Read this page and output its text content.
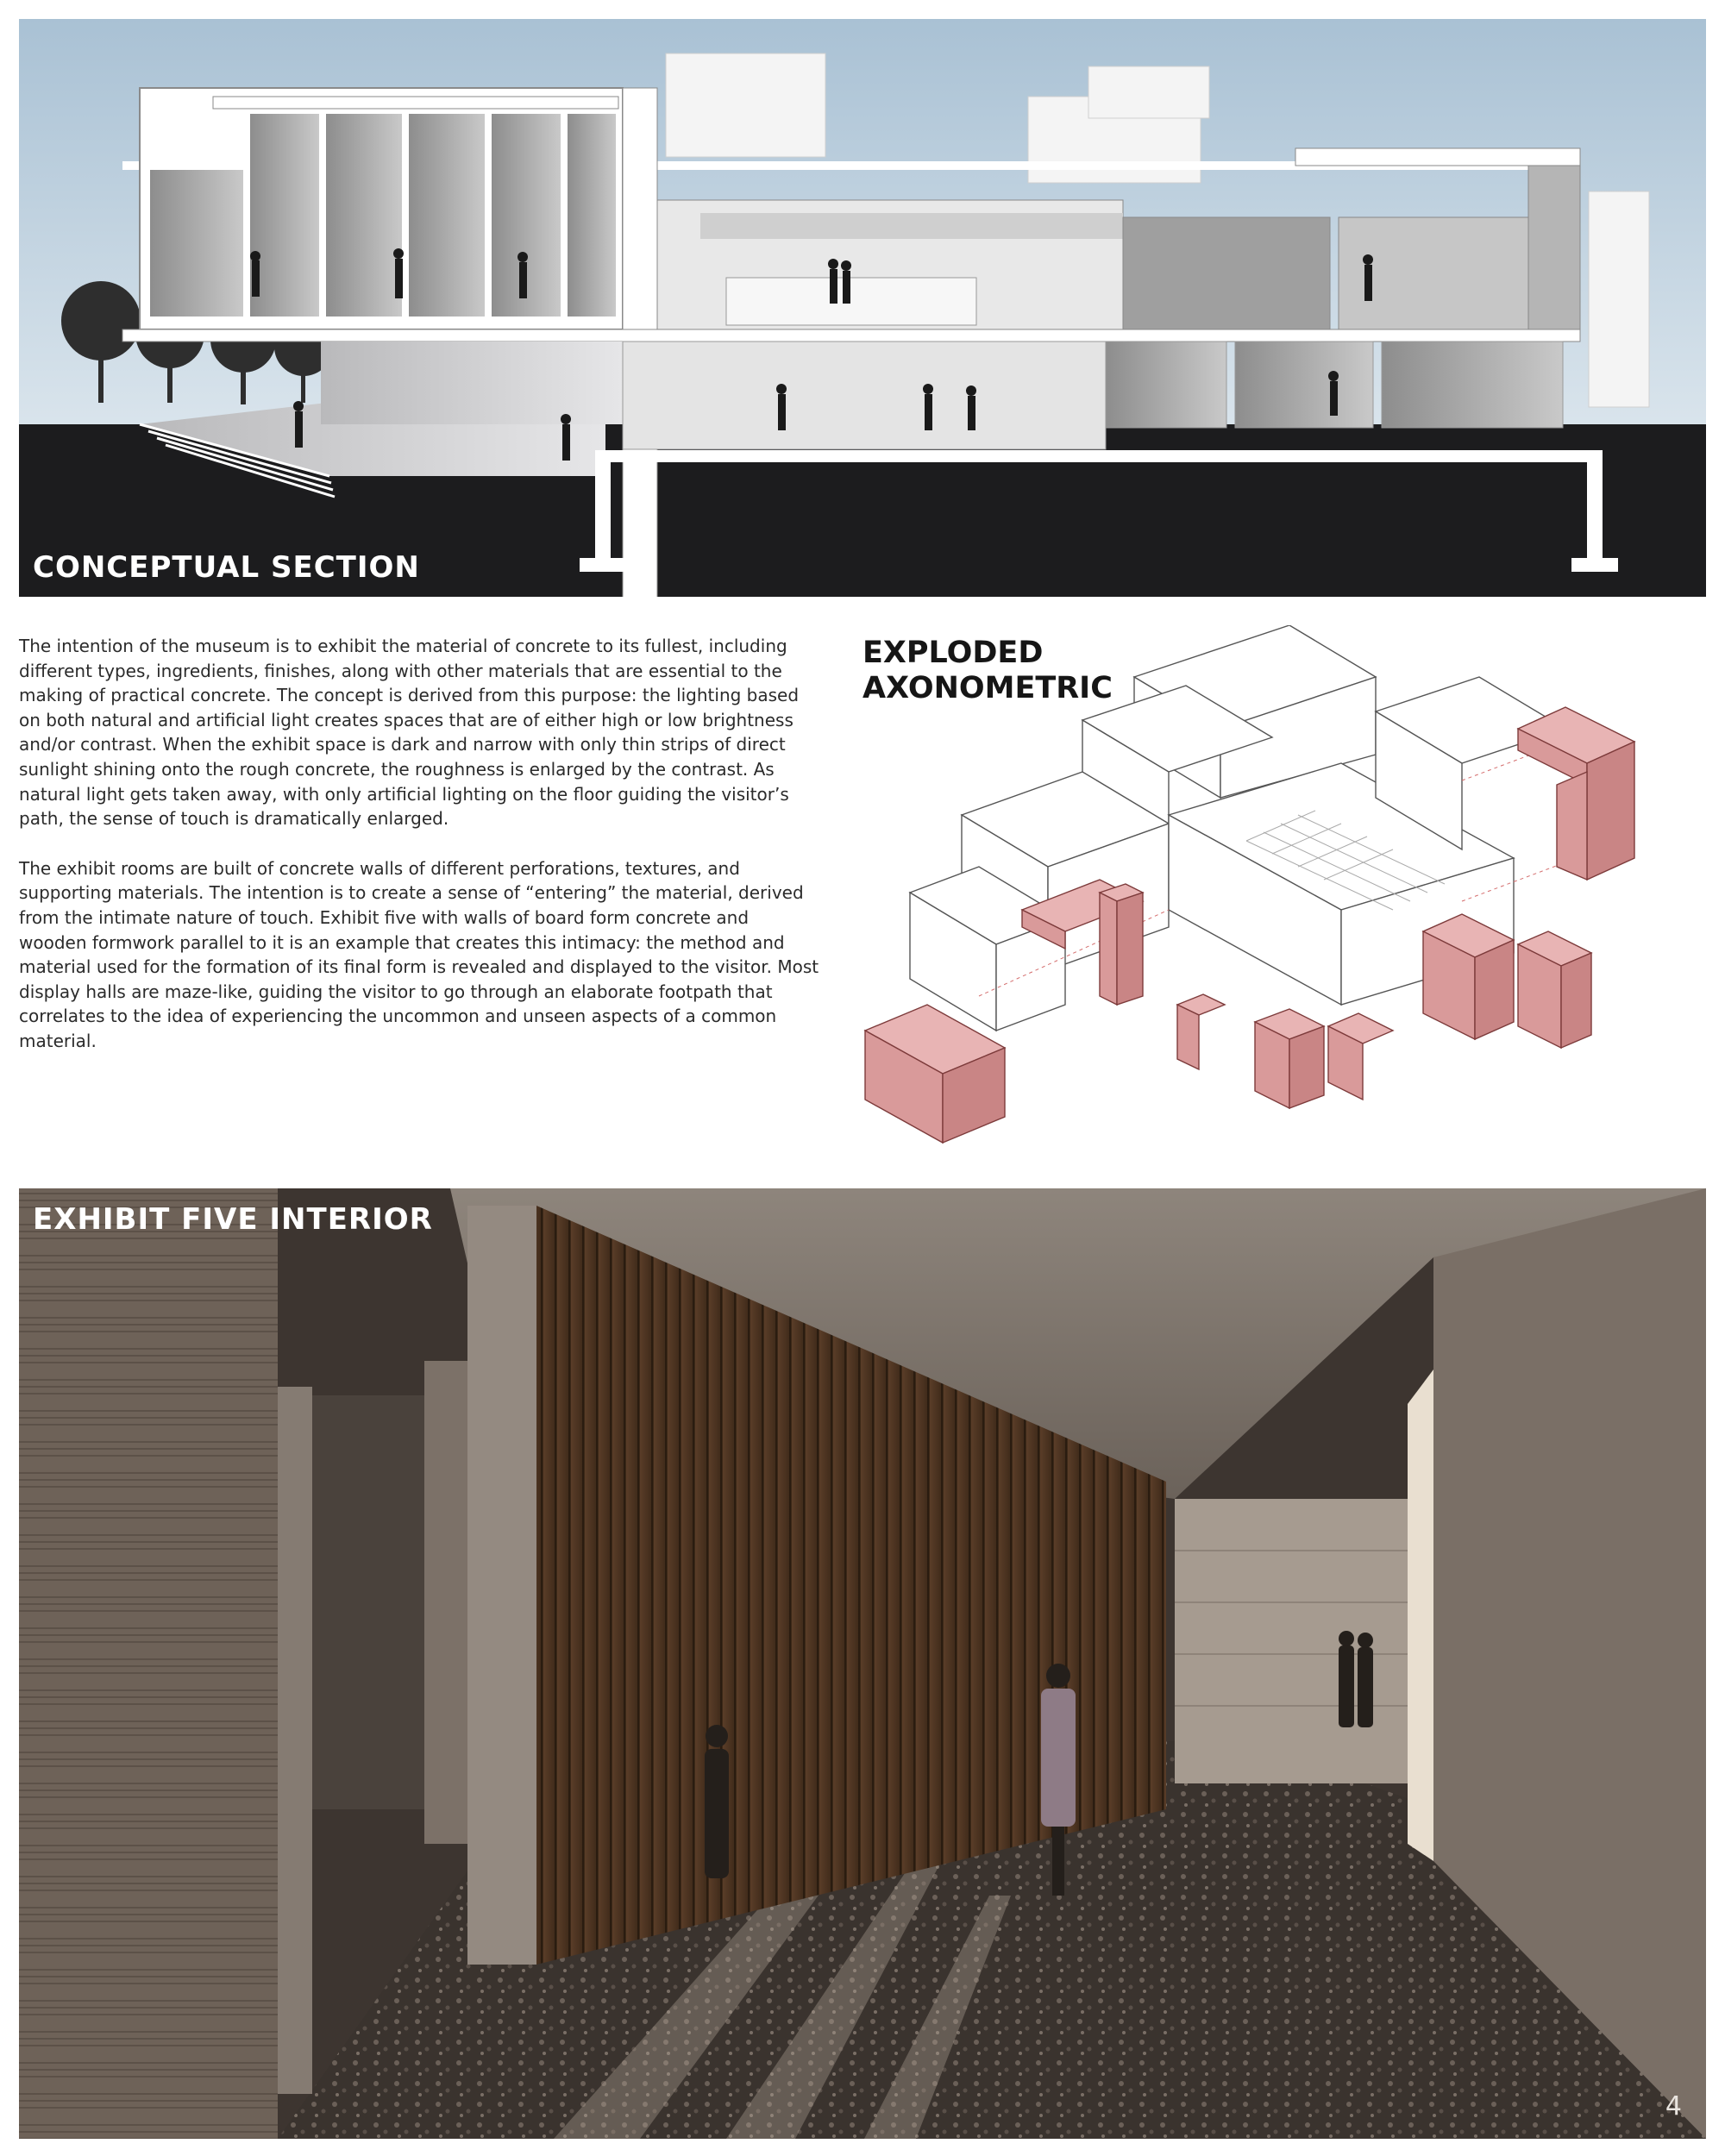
CONCEPTUAL SECTION

The intention of the museum is to exhibit the material of concrete to its fullest, including different types, ingredients, finishes, along with other materials that are essential to the making of practical concrete. The concept is derived from this purpose: the lighting based on both natural and artificial light creates spaces that are of either high or low brightness and/or contrast. When the exhibit space is dark and narrow with only thin strips of direct sunlight shining onto the rough concrete, the roughness is enlarged by the contrast. As natural light gets taken away, with only artificial lighting on the floor guiding the visitor’s path, the sense of touch is dramatically enlarged.

The exhibit rooms are built of concrete walls of different perforations, textures, and supporting materials. The intention is to create a sense of “entering” the material, derived from the intimate nature of touch. Exhibit five with walls of board form concrete and wooden formwork parallel to it is an example that creates this intimacy: the method and material used for the formation of its final form is revealed and displayed to the visitor. Most display halls are maze-like, guiding the visitor to go through an elaborate footpath that correlates to the idea of experiencing the uncommon and unseen aspects of a common material.

EXPLODED
AXONOMETRIC
EXHIBIT FIVE INTERIOR
4
